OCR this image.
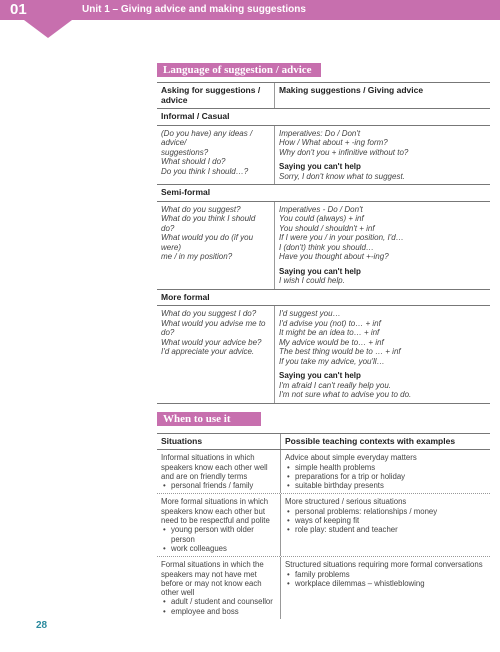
01	Unit 1 – Giving advice and making suggestions
Language of suggestion / advice
Asking for suggestions / advice
Making suggestions / Giving advice
Informal / Casual
(Do you have) any ideas / advice/
suggestions?
What should I do?
Do you think I should…?
Imperatives: Do / Don't
How / What about + -ing form?
Why don't you + infinitive without to?
Saying you can't help
Sorry, I don't know what to suggest.
Semi-formal
What do you suggest?
What do you think I should do?
What would you do (if you were)
me / in my position?
Imperatives - Do / Don't
You could (always) + inf
You should / shouldn't + inf
If I were you / in your position, I'd…
I (don't) think you should…
Have you thought about +-ing?
Saying you can't help
I wish I could help.
More formal
What do you suggest I do?
What would you advise me to
do?
What would your advice be?
I'd appreciate your advice.
I'd suggest you…
I'd advise you (not) to… + inf
It might be an idea to… + inf
My advice would be to… + inf
The best thing would be to … + inf
If you take my advice, you'll…
Saying you can't help
I'm afraid I can't really help you.
I'm not sure what to advise you to do.
When to use it
Situations	Possible teaching contexts with examples
Informal situations in which speakers know each other well and are on friendly terms
• personal friends / family
Advice about simple everyday matters
• simple health problems
• preparations for a trip or holiday
• suitable birthday presents
More formal situations in which speakers know each other but need to be respectful and polite
• young person with older person
• work colleagues
More structured / serious situations
• personal problems: relationships / money
• ways of keeping fit
• role play: student and teacher
Formal situations in which the speakers may not have met before or may not know each other well
• adult / student and counsellor
• employee and boss
Structured situations requiring more formal conversations
• family problems
• workplace dilemmas – whistleblowing
28
